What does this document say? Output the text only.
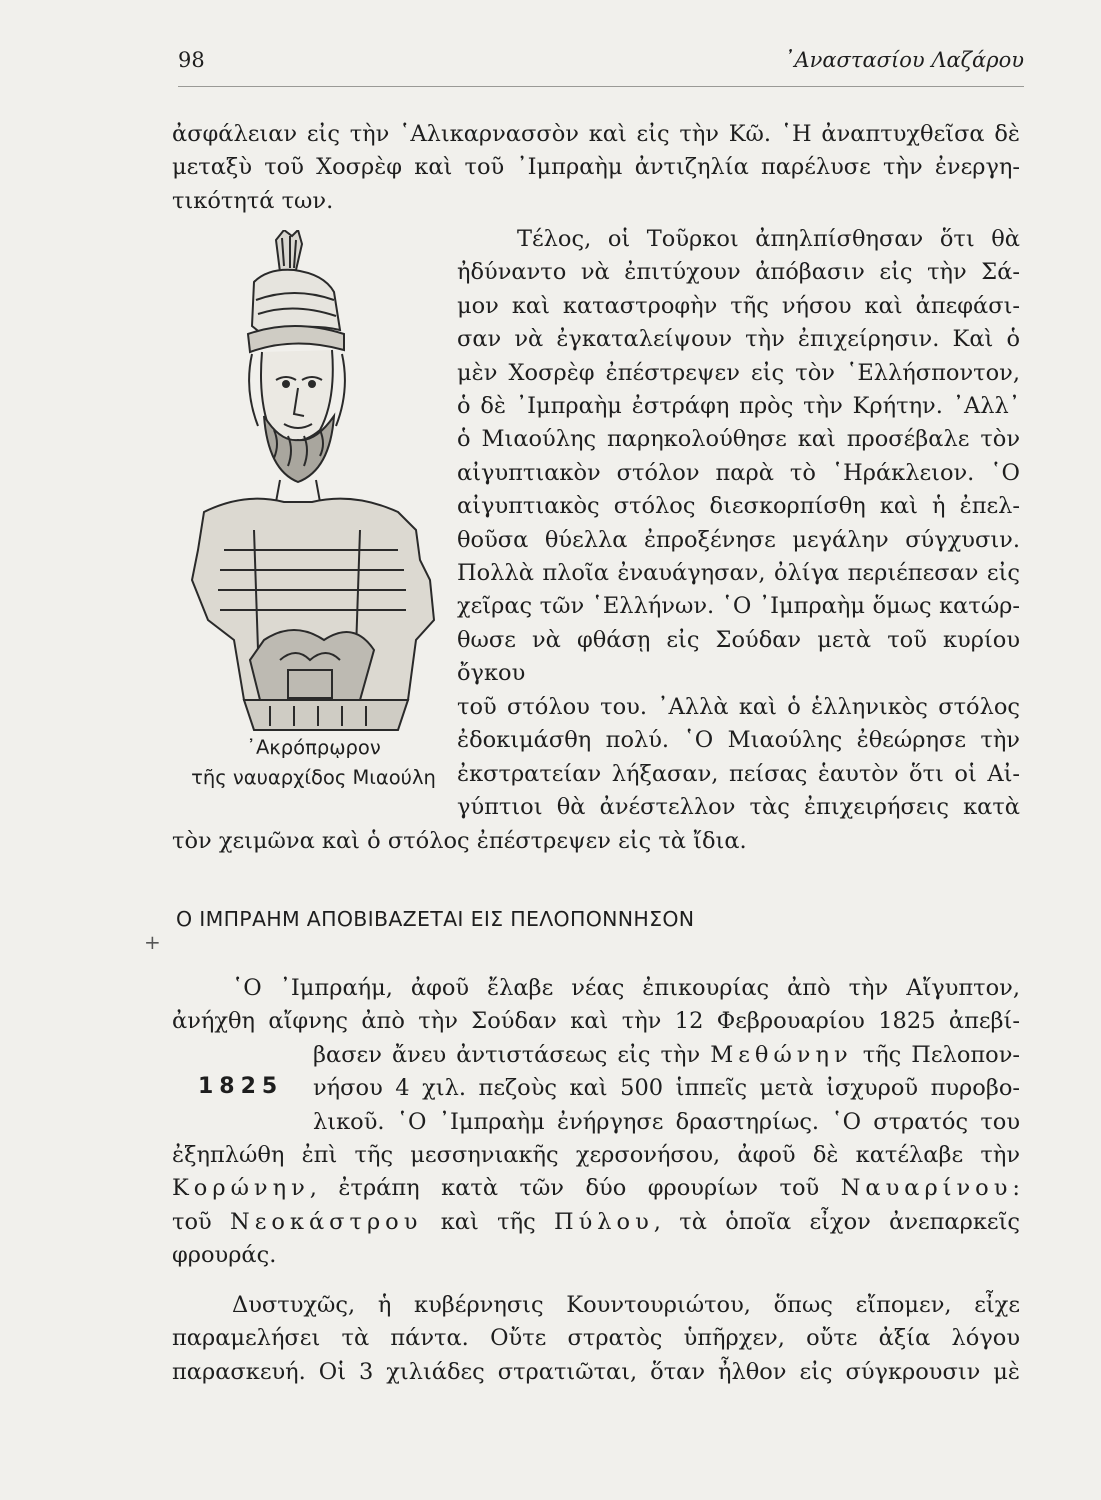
98	᾿Αναστασίου Λαζάρου
ἀσφάλειαν εἰς τὴν ῾Αλικαρνασσὸν καὶ εἰς τὴν Κῶ. ῾Η ἀναπτυχθεῖσα δὲ
μεταξὺ τοῦ Χοσρὲφ καὶ τοῦ ᾿Ιμπραὴμ ἀντιζηλία παρέλυσε τὴν ἐνεργη-
τικότητά των.
᾿Ακρόπρῳρον
τῆς ναυαρχίδος Μιαούλη
Τέλος, οἱ Τοῦρκοι ἀπηλπίσθησαν ὅτι θὰ
ἠδύναντο νὰ ἐπιτύχουν ἀπόβασιν εἰς τὴν Σά-
μον καὶ καταστροφὴν τῆς νήσου καὶ ἀπεφάσι-
σαν νὰ ἐγκαταλείψουν τὴν ἐπιχείρησιν. Καὶ ὁ
μὲν Χοσρὲφ ἐπέστρεψεν εἰς τὸν ῾Ελλήσποντον,
ὁ δὲ ᾿Ιμπραὴμ ἐστράφη πρὸς τὴν Κρήτην. ᾿Αλλ᾿
ὁ Μιαούλης παρηκολούθησε καὶ προσέβαλε τὸν
αἰγυπτιακὸν στόλον παρὰ τὸ ῾Ηράκλειον. ῾Ο
αἰγυπτιακὸς στόλος διεσκορπίσθη καὶ ἡ ἐπελ-
θοῦσα θύελλα ἐπροξένησε μεγάλην σύγχυσιν.
Πολλὰ πλοῖα ἐναυάγησαν, ὀλίγα περιέπεσαν εἰς
χεῖρας τῶν ῾Ελλήνων. ῾Ο ᾿Ιμπραὴμ ὅμως κατώρ-
θωσε νὰ φθάσῃ εἰς Σούδαν μετὰ τοῦ κυρίου ὄγκου
τοῦ στόλου του. ᾿Αλλὰ καὶ ὁ ἑλληνικὸς στόλος
ἐδοκιμάσθη πολύ. ῾Ο Μιαούλης ἐθεώρησε τὴν
ἐκστρατείαν λήξασαν, πείσας ἑαυτὸν ὅτι οἱ Αἰ-
γύπτιοι θὰ ἀνέστελλον τὰς ἐπιχειρήσεις κατὰ
τὸν χειμῶνα καὶ ὁ στόλος ἐπέστρεψεν εἰς τὰ ἴδια.
Ο ΙΜΠΡΑΗΜ ΑΠΟΒΙΒΑΖΕΤΑΙ ΕΙΣ ΠΕΛΟΠΟΝΝΗΣΟΝ
+
῾Ο ᾿Ιμπραήμ, ἀφοῦ ἔλαβε νέας ἐπικουρίας ἀπὸ τὴν Αἴγυπτον,
ἀνήχθη αἴφνης ἀπὸ τὴν Σούδαν καὶ τὴν 12 Φεβρουαρίου 1825 ἀπεβί-
1825
βασεν ἄνευ ἀντιστάσεως εἰς τὴν Μεθώνην τῆς Πελοπον-
νήσου 4 χιλ. πεζοὺς καὶ 500 ἱππεῖς μετὰ ἰσχυροῦ πυροβο-
λικοῦ. ῾Ο ᾿Ιμπραὴμ ἐνήργησε δραστηρίως. ῾Ο στρατός του
ἐξηπλώθη ἐπὶ τῆς μεσσηνιακῆς χερσονήσου, ἀφοῦ δὲ κατέλαβε τὴν
Κορώνην, ἐτράπη κατὰ τῶν δύο φρουρίων τοῦ Ναυαρίνου:
τοῦ Νεοκάστρου καὶ τῆς Πύλου, τὰ ὁποῖα εἶχον ἀνεπαρκεῖς
φρουράς.
Δυστυχῶς, ἡ κυβέρνησις Κουντουριώτου, ὅπως εἴπομεν, εἶχε
παραμελήσει τὰ πάντα. Οὔτε στρατὸς ὑπῆρχεν, οὔτε ἀξία λόγου
παρασκευή. Οἱ 3 χιλιάδες στρατιῶται, ὅταν ἦλθον εἰς σύγκρουσιν μὲ
